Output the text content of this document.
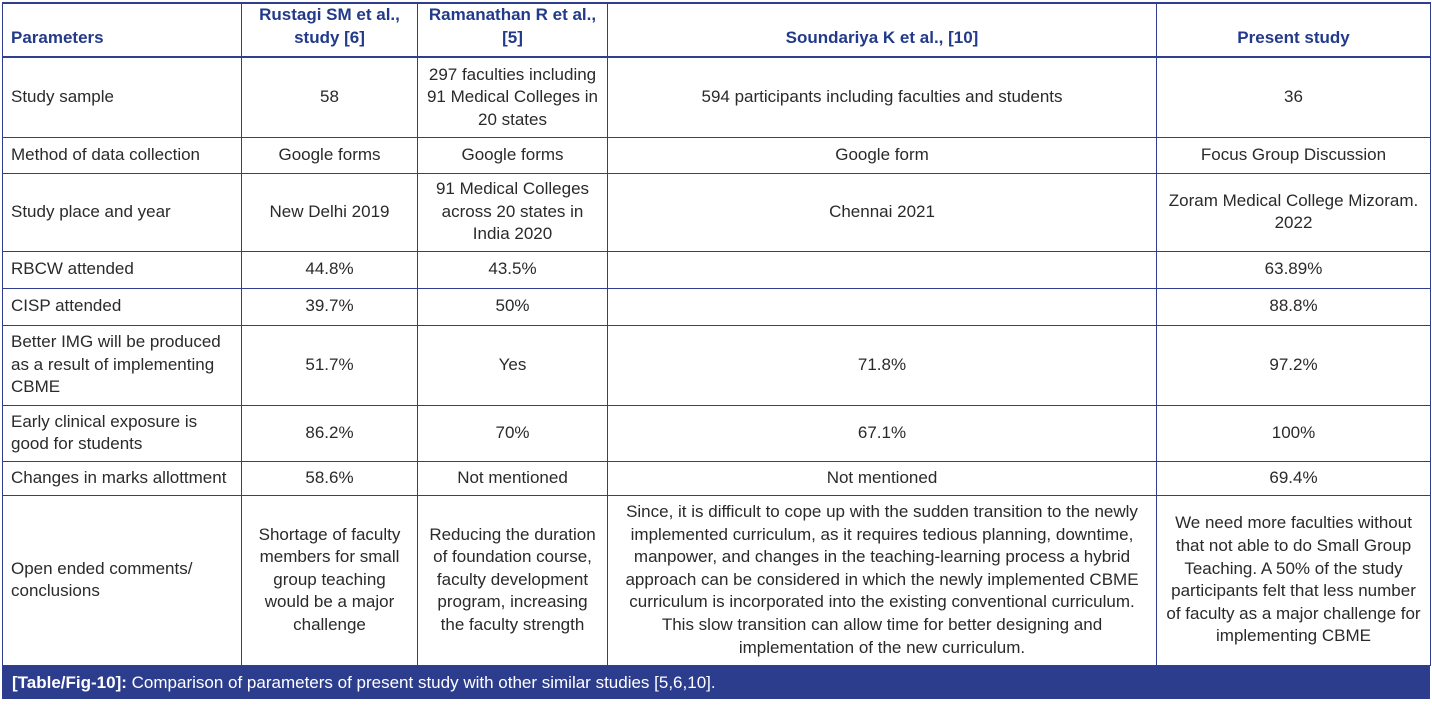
Parameters	Rustagi SM et al., study [6]	Ramanathan R et al., [5]	Soundariya K et al., [10]	Present study
Study sample	58	297 faculties including 91 Medical Colleges in 20 states	594 participants including faculties and students	36
Method of data collection	Google forms	Google forms	Google form	Focus Group Discussion
Study place and year	New Delhi 2019	91 Medical Colleges across 20 states in India 2020	Chennai 2021	Zoram Medical College Mizoram. 2022
RBCW attended	44.8%	43.5%		63.89%
CISP attended	39.7%	50%		88.8%
Better IMG will be produced as a result of implementing CBME	51.7%	Yes	71.8%	97.2%
Early clinical exposure is good for students	86.2%	70%	67.1%	100%
Changes in marks allottment	58.6%	Not mentioned	Not mentioned	69.4%
Open ended comments/ conclusions	Shortage of faculty members for small group teaching would be a major challenge	Reducing the duration of foundation course, faculty development program, increasing the faculty strength	Since, it is difficult to cope up with the sudden transition to the newly implemented curriculum, as it requires tedious planning, downtime, manpower, and changes in the teaching-learning process a hybrid approach can be considered in which the newly implemented CBME curriculum is incorporated into the existing conventional curriculum. This slow transition can allow time for better designing and implementation of the new curriculum.	We need more faculties without that not able to do Small Group Teaching. A 50% of the study participants felt that less number of faculty as a major challenge for implementing CBME
[Table/Fig-10]: Comparison of parameters of present study with other similar studies [5,6,10].
